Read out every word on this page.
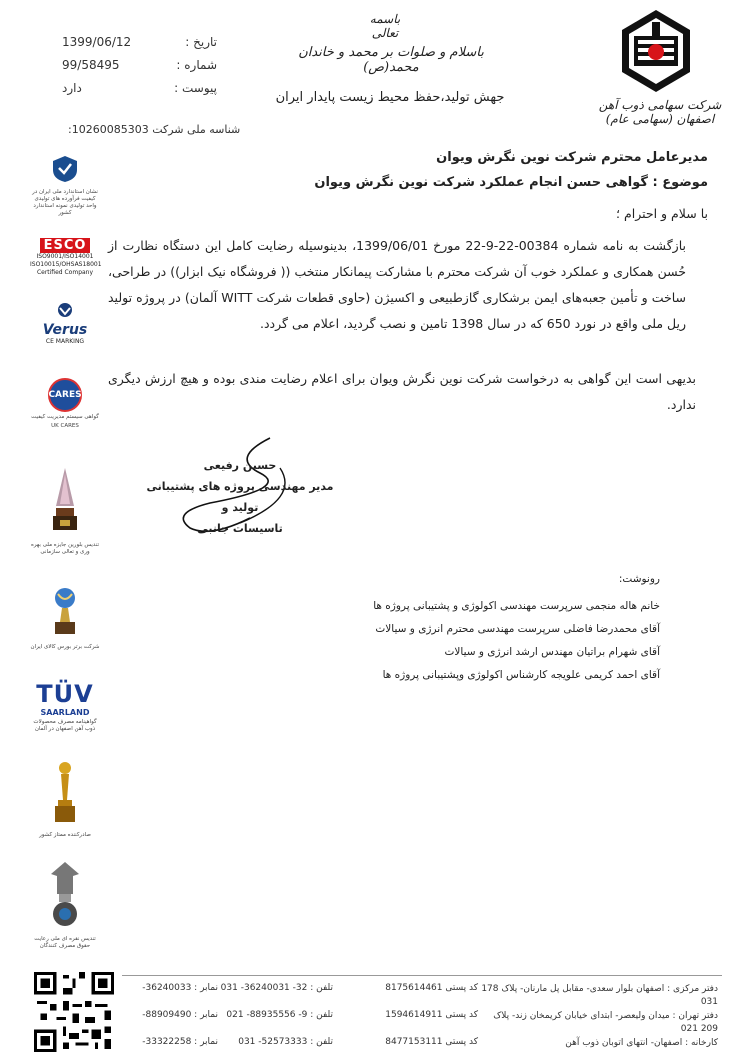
تاریخ :
1399/06/12
شماره :
99/58495
پیوست :
دارد
شناسه ملی شرکت 10260085303:
باسمه تعالی
باسلام و صلوات بر محمد و خاندان محمد(ص)
جهش تولید،حفظ محیط زیست پایدار ایران	شرکت سهامی ذوب آهن اصفهان (سهامی عام)
نشان استاندارد ملی ایران در کیفیت فرآورده های تولیدی واحد تولیدی نمونه استاندارد کشور
ESCO
ISO9001/ISO14001
ISO10015/OHSAS18001
Certified Company
Verus
CE MARKING
CARES
گواهی سیستم مدیریت کیفیت
UK CARES
تندیس بلورین جایزه ملی بهره وری و تعالی سازمانی
شرکت برتر بورس کالای ایران
TÜV
SAARLAND
گواهینامه مصرف محصولات ذوب آهن اصفهان در آلمان
صادرکننده ممتاز کشور
تندیس نقره ای ملی رعایت حقوق مصرف کنندگان
مدیرعامل محترم شرکت نوین نگرش ویوان
موضوع : گواهی حسن انجام عملکرد شرکت نوین نگرش ویوان
با سلام و احترام ؛
بازگشت به نامه شماره 00384-22-9-22 مورخ 1399/06/01، بدینوسیله رضایت کامل این دستگاه نظارت از حُسن همکاری و عملکرد خوب آن شرکت محترم با مشارکت پیمانکار منتخب (( فروشگاه نیک ابزار)) در طراحی، ساخت و تأمین جعبه‌های ایمن برشکاری گازطبیعی و اکسیژن (حاوی قطعات شرکت WITT آلمان) در پروژه تولید ریل ملی واقع در نورد 650 که در سال 1398 تامین و نصب گردید، اعلام می گردد.
بدیهی است این گواهی به درخواست شرکت نوین نگرش ویوان برای اعلام رضایت مندی بوده و هیچ ارزش دیگری ندارد.
حسین رفیعی
مدیر مهندسی پروژه های پشتیبانی تولید و
تاسیسات جانبی
رونوشت:
خانم هاله منجمی سرپرست مهندسی اکولوژی و پشتیبانی پروژه ها
آقای محمدرضا فاضلی سرپرست مهندسی محترم انرژی و سیالات
آقای شهرام براتیان مهندس ارشد انرژی و سیالات
آقای احمد کریمی علویجه کارشناس اکولوژی وپشتیبانی پروژه ها
دفتر مرکزی : اصفهان بلوار سعدی- مقابل پل مارنان- پلاک 178 031
کد پستی 8175614461
تلفن : 32- 36240031- 031
نمابر : 36240033-
دفتر تهران : میدان ولیعصر- ابتدای خیابان کریمخان زند- پلاک 209 021
کد پستی 1594614911
تلفن : 9- 88935556- 021
نمابر : 88909490-
کارخانه : اصفهان- انتهای اتوبان ذوب آهن
کد پستی 8477153111
تلفن : 52573333- 031
نمابر : 33322258-
